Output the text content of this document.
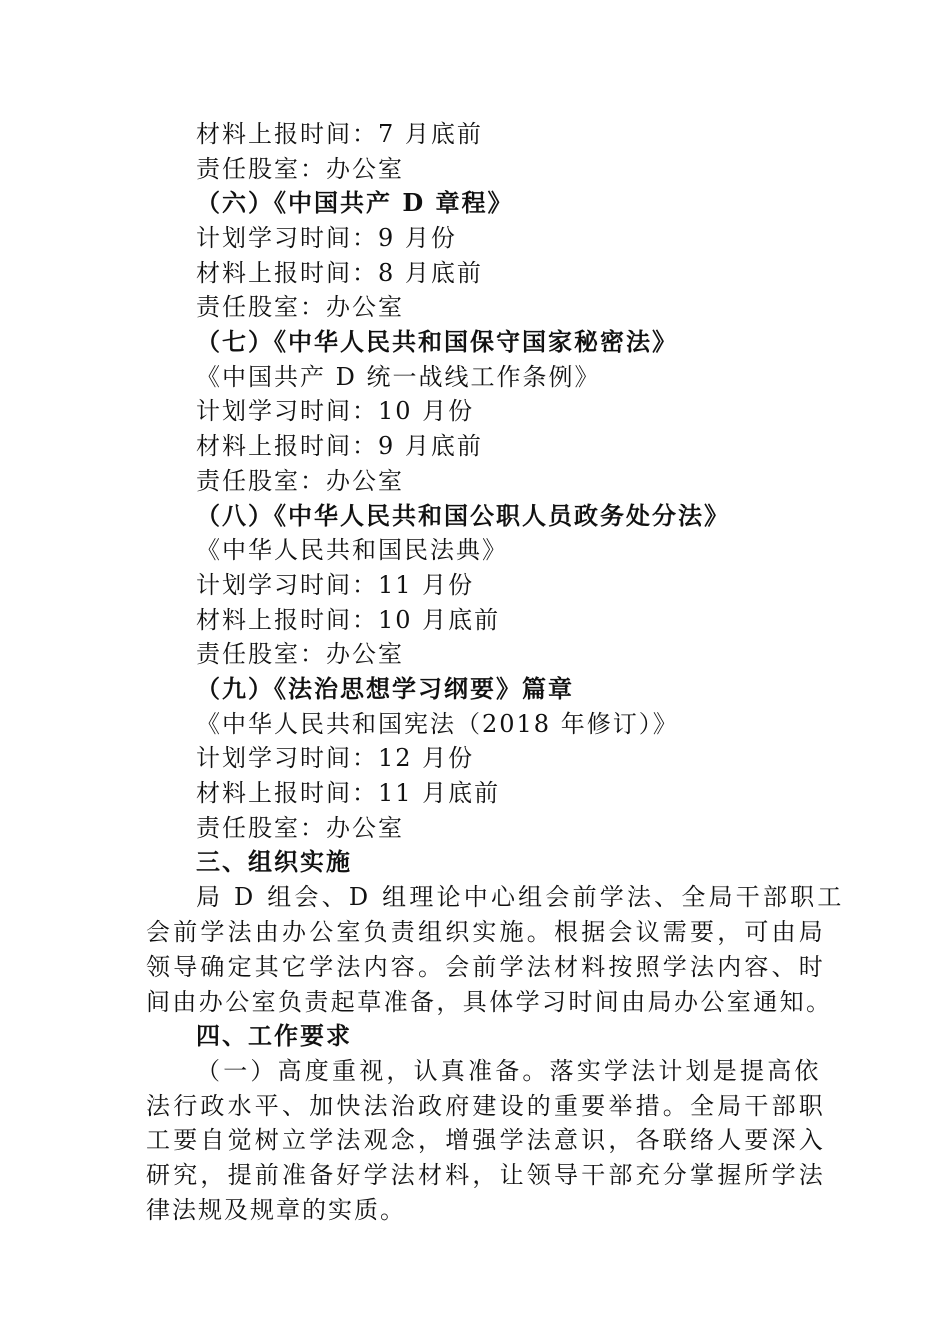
材料上报时间：7 月底前
责任股室：办公室
（六）《中国共产 D 章程》
计划学习时间：9 月份
材料上报时间：8 月底前
责任股室：办公室
（七）《中华人民共和国保守国家秘密法》
《中国共产 D 统一战线工作条例》
计划学习时间：10 月份
材料上报时间：9 月底前
责任股室：办公室
（八）《中华人民共和国公职人员政务处分法》
《中华人民共和国民法典》
计划学习时间：11 月份
材料上报时间：10 月底前
责任股室：办公室
（九）《法治思想学习纲要》篇章
《中华人民共和国宪法（2018 年修订）》
计划学习时间：12 月份
材料上报时间：11 月底前
责任股室：办公室
三、组织实施
局 D 组会、D 组理论中心组会前学法、全局干部职工
会前学法由办公室负责组织实施。根据会议需要，可由局
领导确定其它学法内容。会前学法材料按照学法内容、时
间由办公室负责起草准备，具体学习时间由局办公室通知。
四、工作要求
（一）高度重视，认真准备。落实学法计划是提高依
法行政水平、加快法治政府建设的重要举措。全局干部职
工要自觉树立学法观念，增强学法意识，各联络人要深入
研究，提前准备好学法材料，让领导干部充分掌握所学法
律法规及规章的实质。
